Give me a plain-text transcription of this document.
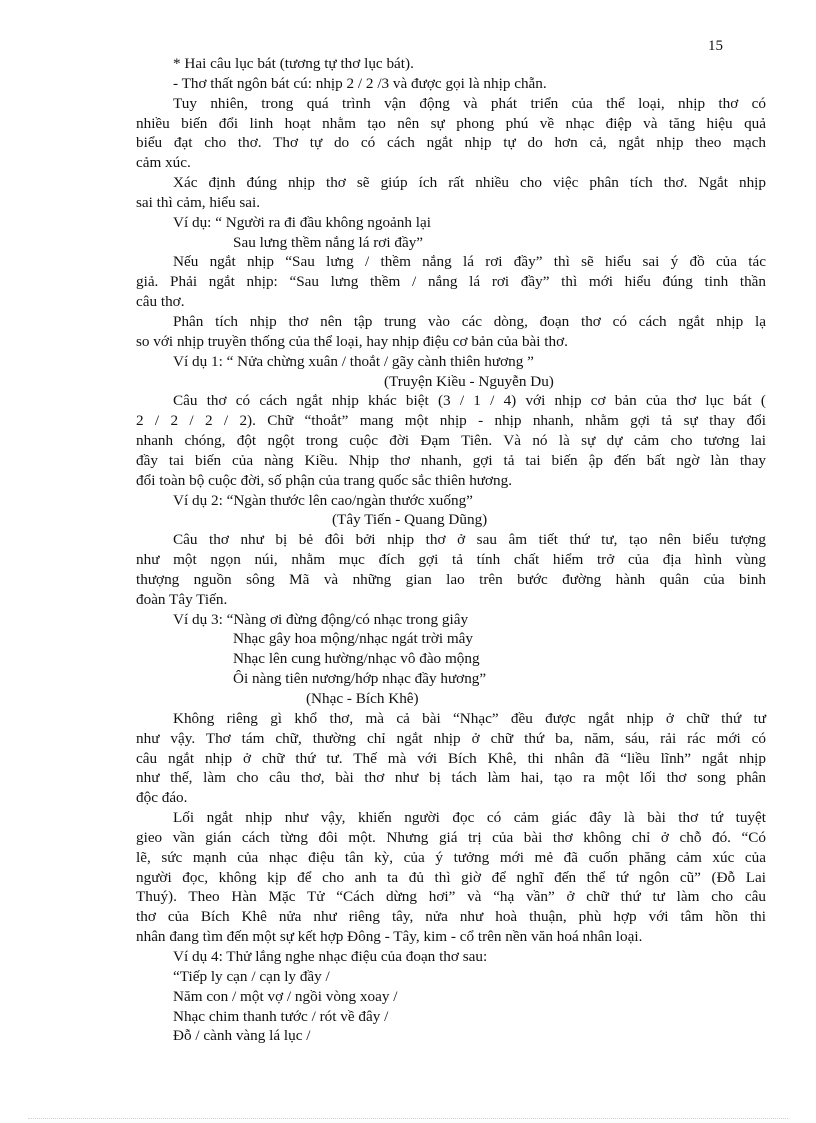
15
* Hai câu lục bát (tương tự thơ lục bát).
- Thơ thất ngôn bát cú: nhịp 2 / 2 /3 và được gọi là nhịp chẵn.
Tuy nhiên, trong quá trình vận động và phát triển của thể loại, nhịp thơ có
nhiều biến đổi linh hoạt nhằm tạo nên sự phong phú về nhạc điệp và tăng hiệu quả
biểu đạt cho thơ. Thơ tự do có cách ngắt nhịp tự do hơn cả, ngắt nhịp theo mạch
cảm xúc.
Xác định đúng nhịp thơ sẽ giúp ích rất nhiều cho việc phân tích thơ. Ngắt nhịp
sai thì cảm, hiểu sai.
Ví dụ: “ Người ra đi đầu không ngoảnh lại
Sau lưng thềm nắng lá rơi đầy”
Nếu ngắt nhịp “Sau lưng / thềm nắng lá rơi đầy” thì sẽ hiểu sai ý đồ của tác
giả. Phải ngắt nhịp: “Sau lưng thềm / nắng lá rơi đầy” thì mới hiểu đúng tinh thần
câu thơ.
Phân tích nhịp thơ nên tập trung vào các dòng, đoạn thơ có cách ngắt nhịp lạ
so với nhịp truyền thống của thể loại, hay nhịp điệu cơ bản của bài thơ.
Ví dụ 1: “ Nửa chừng xuân / thoắt / gãy cành thiên hương ”
(Truyện Kiều - Nguyễn Du)
Câu thơ có cách ngắt nhịp khác biệt (3 / 1 / 4) với nhịp cơ bản của thơ lục bát (
2 / 2 / 2 / 2). Chữ “thoắt” mang một nhịp - nhịp nhanh, nhằm gợi tả sự thay đổi
nhanh chóng, đột ngột trong cuộc đời Đạm Tiên. Và nó là sự dự cảm cho tương lai
đầy tai biến của nàng Kiều. Nhịp thơ nhanh, gợi tả tai biến ập đến bất ngờ làn thay
đổi toàn bộ cuộc đời, số phận của trang quốc sắc thiên hương.
Ví dụ 2: “Ngàn thước lên cao/ngàn thước xuống”
(Tây Tiến - Quang Dũng)
Câu thơ như bị bẻ đôi bởi nhịp thơ ở sau âm tiết thứ tư, tạo nên biểu tượng
như một ngọn núi, nhằm mục đích gợi tả tính chất hiểm trở của địa hình vùng
thượng nguồn sông Mã và những gian lao trên bước đường hành quân của binh
đoàn Tây Tiến.
Ví dụ 3: “Nàng ơi đừng động/có nhạc trong giây
Nhạc gây hoa mộng/nhạc ngát trời mây
Nhạc lên cung hường/nhạc vô đào mộng
Ôi nàng tiên nương/hớp nhạc đầy hương”
(Nhạc - Bích Khê)
Không riêng gì khổ thơ, mà cả bài “Nhạc” đều được ngắt nhịp ở chữ thứ tư
như vậy. Thơ tám chữ, thường chỉ ngắt nhịp ở chữ thứ ba, năm, sáu, rải rác mới có
câu ngắt nhịp ở chữ thứ tư. Thế mà với Bích Khê, thi nhân đã “liều lĩnh” ngắt nhịp
như thế, làm cho câu thơ, bài thơ như bị tách làm hai, tạo ra một lối thơ song phân
độc đáo.
Lối ngắt nhịp như vậy, khiến người đọc có cảm giác đây là bài thơ tứ tuyệt
gieo vần gián cách từng đôi một. Nhưng giá trị của bài thơ không chỉ ở chỗ đó. “Có
lẽ, sức mạnh của nhạc điệu tân kỳ, của ý tưởng mới mẻ đã cuốn phăng cảm xúc của
người đọc, không kịp để cho anh ta đủ thì giờ để nghĩ đến thể tứ ngôn cũ” (Đỗ Lai
Thuý). Theo Hàn Mặc Tử “Cách dừng hơi” và “hạ vần” ở chữ thứ tư làm cho câu
thơ của Bích Khê nửa như riêng tây, nửa như hoà thuận, phù hợp với tâm hồn thi
nhân đang tìm đến một sự kết hợp Đông - Tây, kim - cổ trên nền văn hoá nhân loại.
Ví dụ 4: Thử lắng nghe nhạc điệu của đoạn thơ sau:
“Tiếp ly cạn / cạn ly đầy /
Năm con / một vợ / ngồi vòng xoay /
Nhạc chim thanh tước / rót về đây /
Đỗ / cành vàng lá lục /
